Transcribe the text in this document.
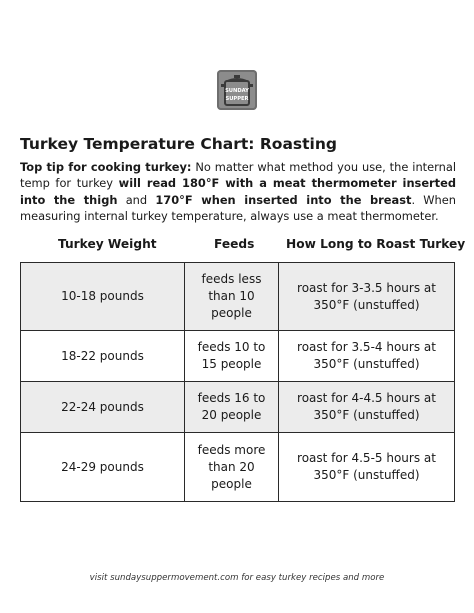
SUNDAY
SUPPER
Turkey Temperature Chart: Roasting
Top tip for cooking turkey: No matter what method you use, the internal temp for turkey will read 180°F with a meat thermometer inserted into the thigh and 170°F when inserted into the breast. When measuring internal turkey temperature, always use a meat thermometer.
Turkey Weight	Feeds	How Long to Roast Turkey
10-18 pounds	feeds less than 10 people	roast for 3-3.5 hours at 350°F (unstuffed)
18-22 pounds	feeds 10 to 15 people	roast for 3.5-4 hours at 350°F (unstuffed)
22-24 pounds	feeds 16 to 20 people	roast for 4-4.5 hours at 350°F (unstuffed)
24-29 pounds	feeds more than 20 people	roast for 4.5-5 hours at 350°F (unstuffed)
visit sundaysuppermovement.com for easy turkey recipes and more
